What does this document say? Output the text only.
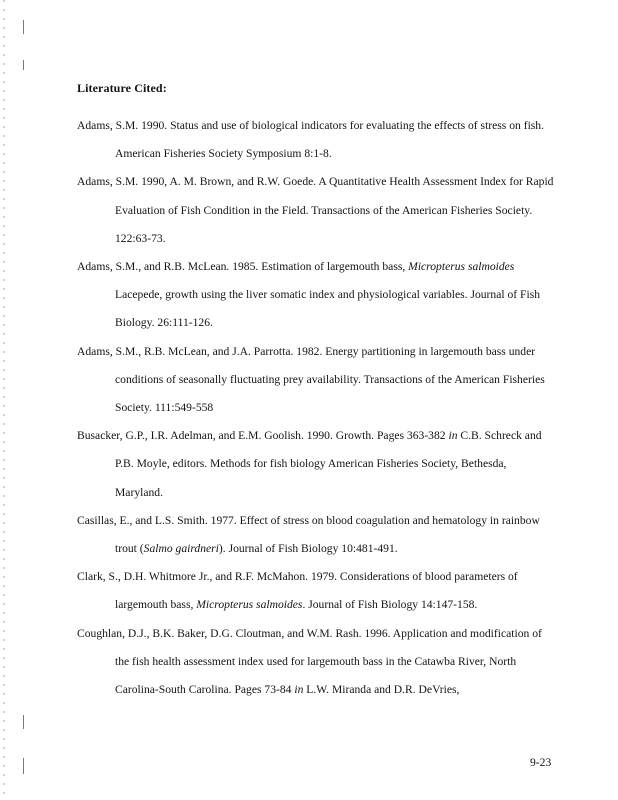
Literature Cited:

Adams, S.M. 1990. Status and use of biological indicators for evaluating the effects of stress on fish. American Fisheries Society Symposium 8:1-8.

Adams, S.M. 1990, A. M. Brown, and R.W. Goede. A Quantitative Health Assessment Index for Rapid Evaluation of Fish Condition in the Field. Transactions of the American Fisheries Society. 122:63-73.

Adams, S.M., and R.B. McLean. 1985. Estimation of largemouth bass, Micropterus salmoides Lacepede, growth using the liver somatic index and physiological variables. Journal of Fish Biology. 26:111-126.

Adams, S.M., R.B. McLean, and J.A. Parrotta. 1982. Energy partitioning in largemouth bass under conditions of seasonally fluctuating prey availability. Transactions of the American Fisheries Society. 111:549-558

Busacker, G.P., I.R. Adelman, and E.M. Goolish. 1990. Growth. Pages 363-382 in C.B. Schreck and P.B. Moyle, editors. Methods for fish biology American Fisheries Society, Bethesda, Maryland.

Casillas, E., and L.S. Smith. 1977. Effect of stress on blood coagulation and hematology in rainbow trout (Salmo gairdneri). Journal of Fish Biology 10:481-491.

Clark, S., D.H. Whitmore Jr., and R.F. McMahon. 1979. Considerations of blood parameters of largemouth bass, Micropterus salmoides. Journal of Fish Biology 14:147-158.

Coughlan, D.J., B.K. Baker, D.G. Cloutman, and W.M. Rash. 1996. Application and modification of the fish health assessment index used for largemouth bass in the Catawba River, North Carolina-South Carolina. Pages 73-84 in L.W. Miranda and D.R. DeVries,

9-23
